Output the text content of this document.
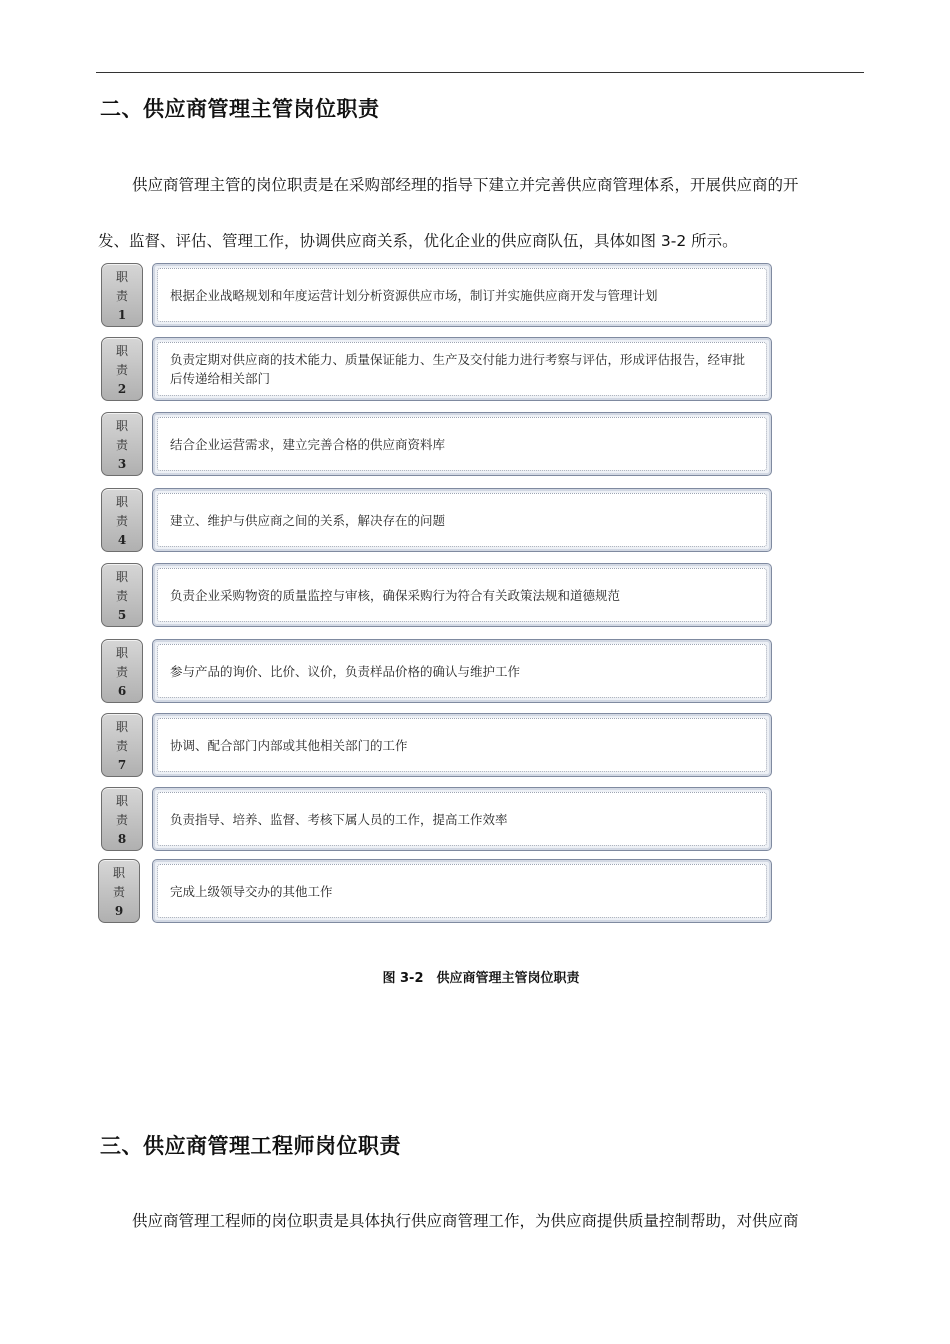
二、供应商管理主管岗位职责
供应商管理主管的岗位职责是在采购部经理的指导下建立并完善供应商管理体系，开展供应商的开
发、监督、评估、管理工作，协调供应商关系，优化企业的供应商队伍，具体如图 3-2 所示。
职
责
1
根据企业战略规划和年度运营计划分析资源供应市场，制订并实施供应商开发与管理计划
职
责
2
负责定期对供应商的技术能力、质量保证能力、生产及交付能力进行考察与评估，形成评估报告，经审批后传递给相关部门
职
责
3
结合企业运营需求，建立完善合格的供应商资料库
职
责
4
建立、维护与供应商之间的关系，解决存在的问题
职
责
5
负责企业采购物资的质量监控与审核，确保采购行为符合有关政策法规和道德规范
职
责
6
参与产品的询价、比价、议价，负责样品价格的确认与维护工作
职
责
7
协调、配合部门内部或其他相关部门的工作
职
责
8
负责指导、培养、监督、考核下属人员的工作，提高工作效率
职
责
9
完成上级领导交办的其他工作

图 3-2　供应商管理主管岗位职责

三、供应商管理工程师岗位职责
供应商管理工程师的岗位职责是具体执行供应商管理工作，为供应商提供质量控制帮助，对供应商
